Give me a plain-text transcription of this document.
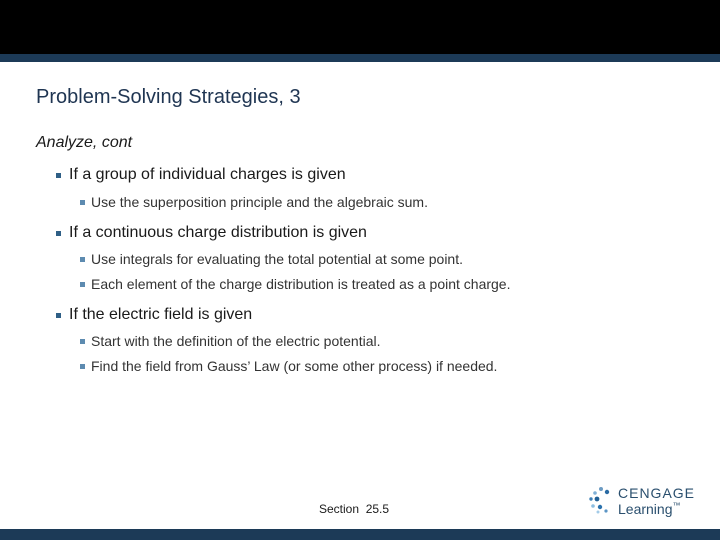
Problem-Solving Strategies, 3
Analyze, cont
If a group of individual charges is given
Use the superposition principle and the algebraic sum.
If a continuous charge distribution is given
Use integrals for evaluating the total potential at some point.
Each element of the charge distribution is treated as a point charge.
If the electric field is given
Start with the definition of the electric potential.
Find the field from Gauss’ Law (or some other process) if needed.
Section  25.5
CENGAGE
Learning™
